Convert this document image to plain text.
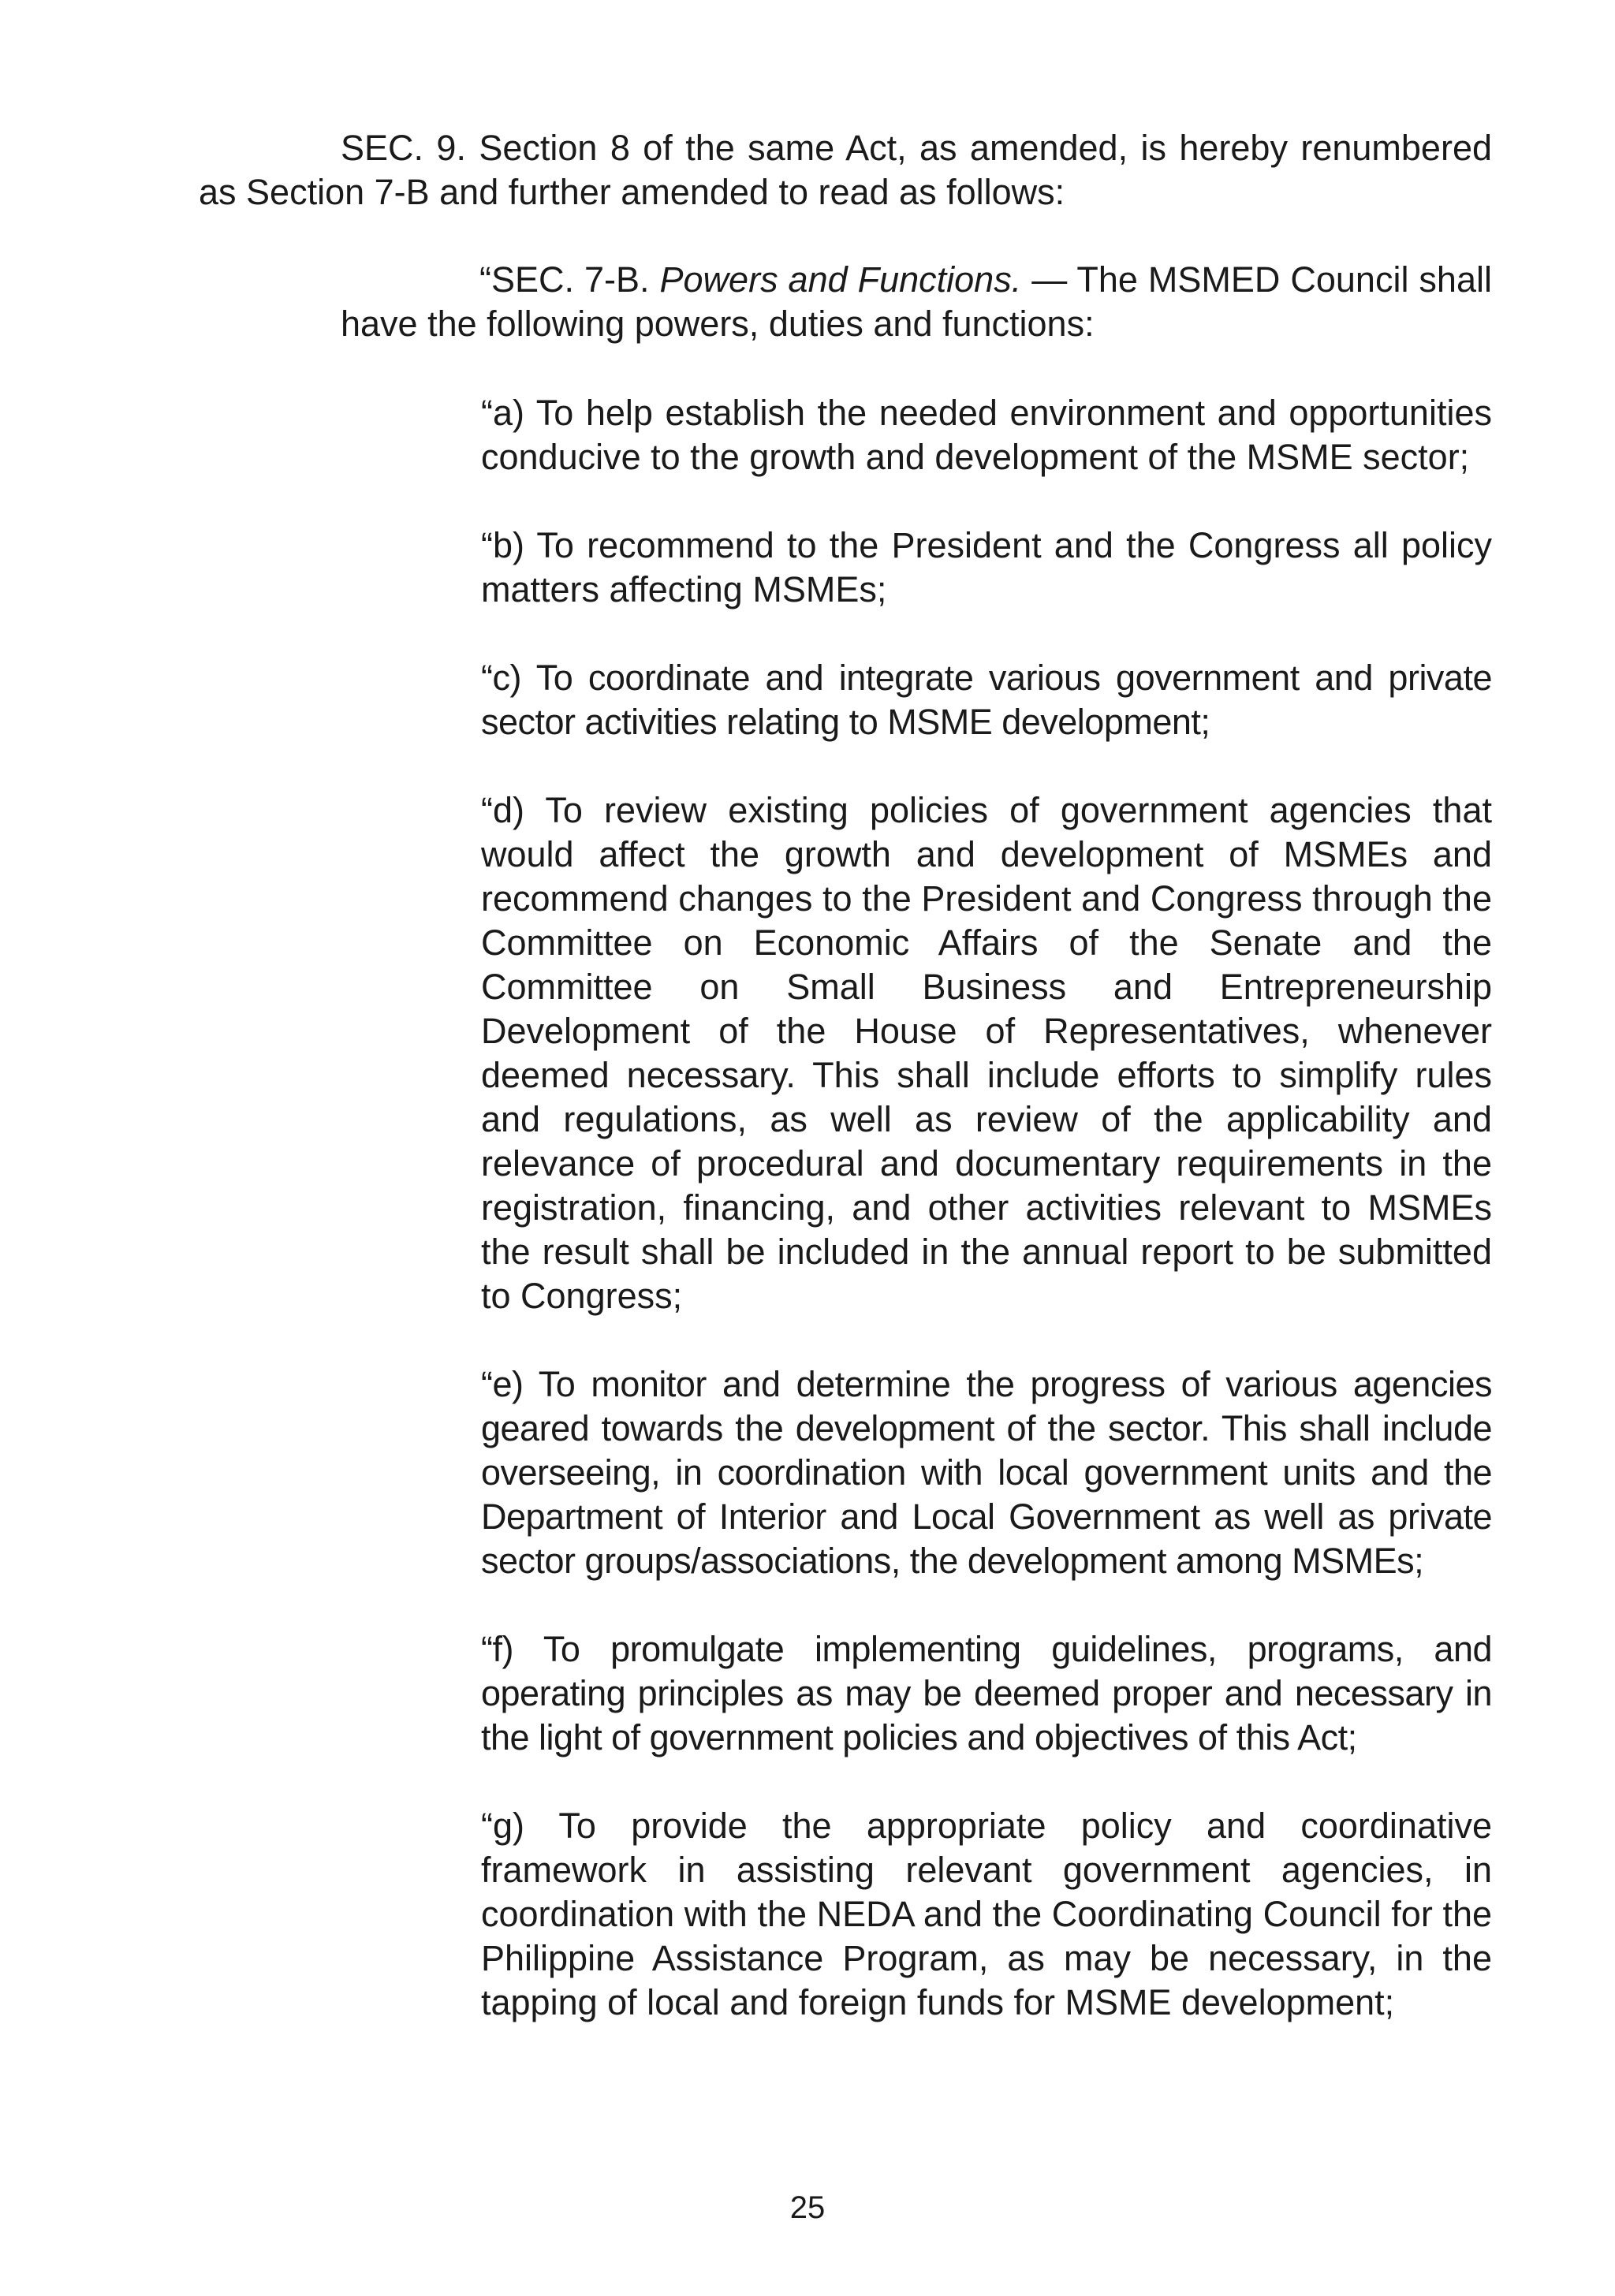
SEC. 9. Section 8 of the same Act, as amended, is hereby renumbered as Section 7-B and further amended to read as follows:

“SEC. 7-B. Powers and Functions. — The MSMED Council shall have the following powers, duties and functions:

“a) To help establish the needed environment and opportunities conducive to the growth and development of the MSME sector;

“b) To recommend to the President and the Congress all policy matters affecting MSMEs;

“c) To coordinate and integrate various government and private sector activities relating to MSME development;

“d) To review existing policies of government agencies that would affect the growth and development of MSMEs and recommend changes to the President and Congress through the Committee on Economic Affairs of the Senate and the Committee on Small Business and Entrepreneurship Development of the House of Representatives, whenever deemed necessary. This shall include efforts to simplify rules and regulations, as well as review of the applicability and relevance of procedural and documentary requirements in the registration, financing, and other activities relevant to MSMEs the result shall be included in the annual report to be submitted to Congress;

“e) To monitor and determine the progress of various agencies geared towards the development of the sector. This shall include overseeing, in coordination with local government units and the Department of Interior and Local Government as well as private sector groups/associations, the development among MSMEs;

“f) To promulgate implementing guidelines, programs, and operating principles as may be deemed proper and necessary in the light of government policies and objectives of this Act;

“g) To provide the appropriate policy and coordinative framework in assisting relevant government agencies, in coordination with the NEDA and the Coordinating Council for the Philippine Assistance Program, as may be necessary, in the tapping of local and foreign funds for MSME development;

25
